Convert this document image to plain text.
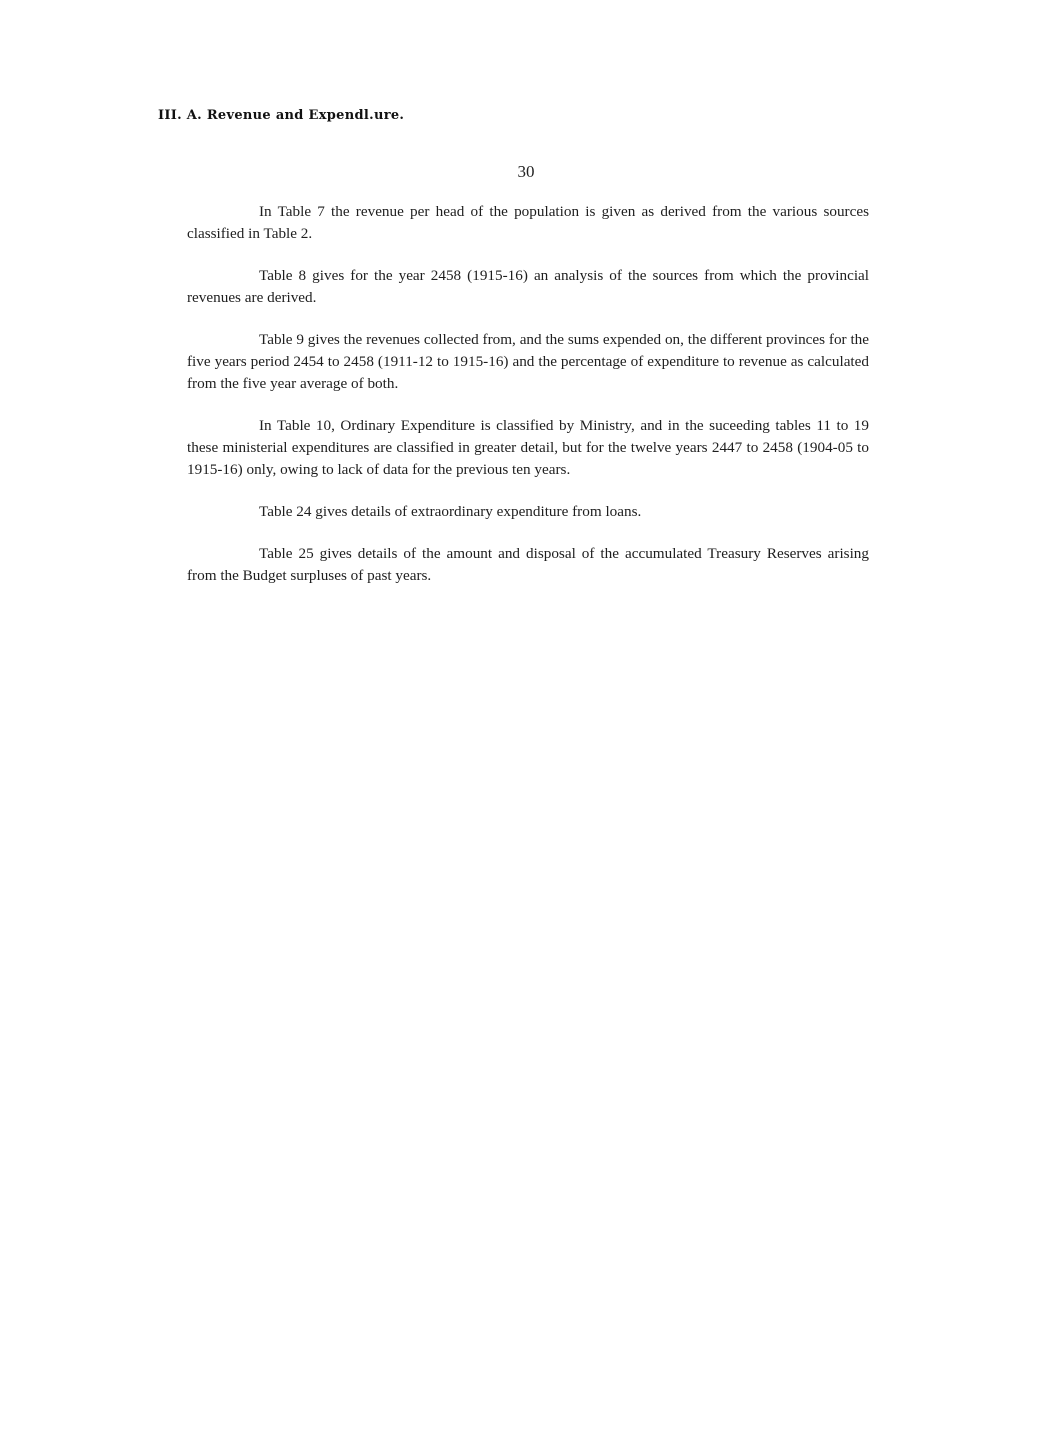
III. A. Revenue and Expendl.ure.
30

In Table 7 the revenue per head of the population is given as derived from the various sources classified in Table 2.

Table 8 gives for the year 2458 (1915-16) an analysis of the sources from which the provincial revenues are derived.

Table 9 gives the revenues collected from, and the sums expended on, the different provinces for the five years period 2454 to 2458 (1911-12 to 1915-16) and the percentage of expenditure to revenue as calculated from the five year average of both.

In Table 10, Ordinary Expenditure is classified by Ministry, and in the suceeding tables 11 to 19 these ministerial expenditures are classified in greater detail, but for the twelve years 2447 to 2458 (1904-05 to 1915-16) only, owing to lack of data for the previous ten years.

Table 24 gives details of extraordinary expenditure from loans.

Table 25 gives details of the amount and disposal of the accumulated Treasury Reserves arising from the Budget surpluses of past years.
